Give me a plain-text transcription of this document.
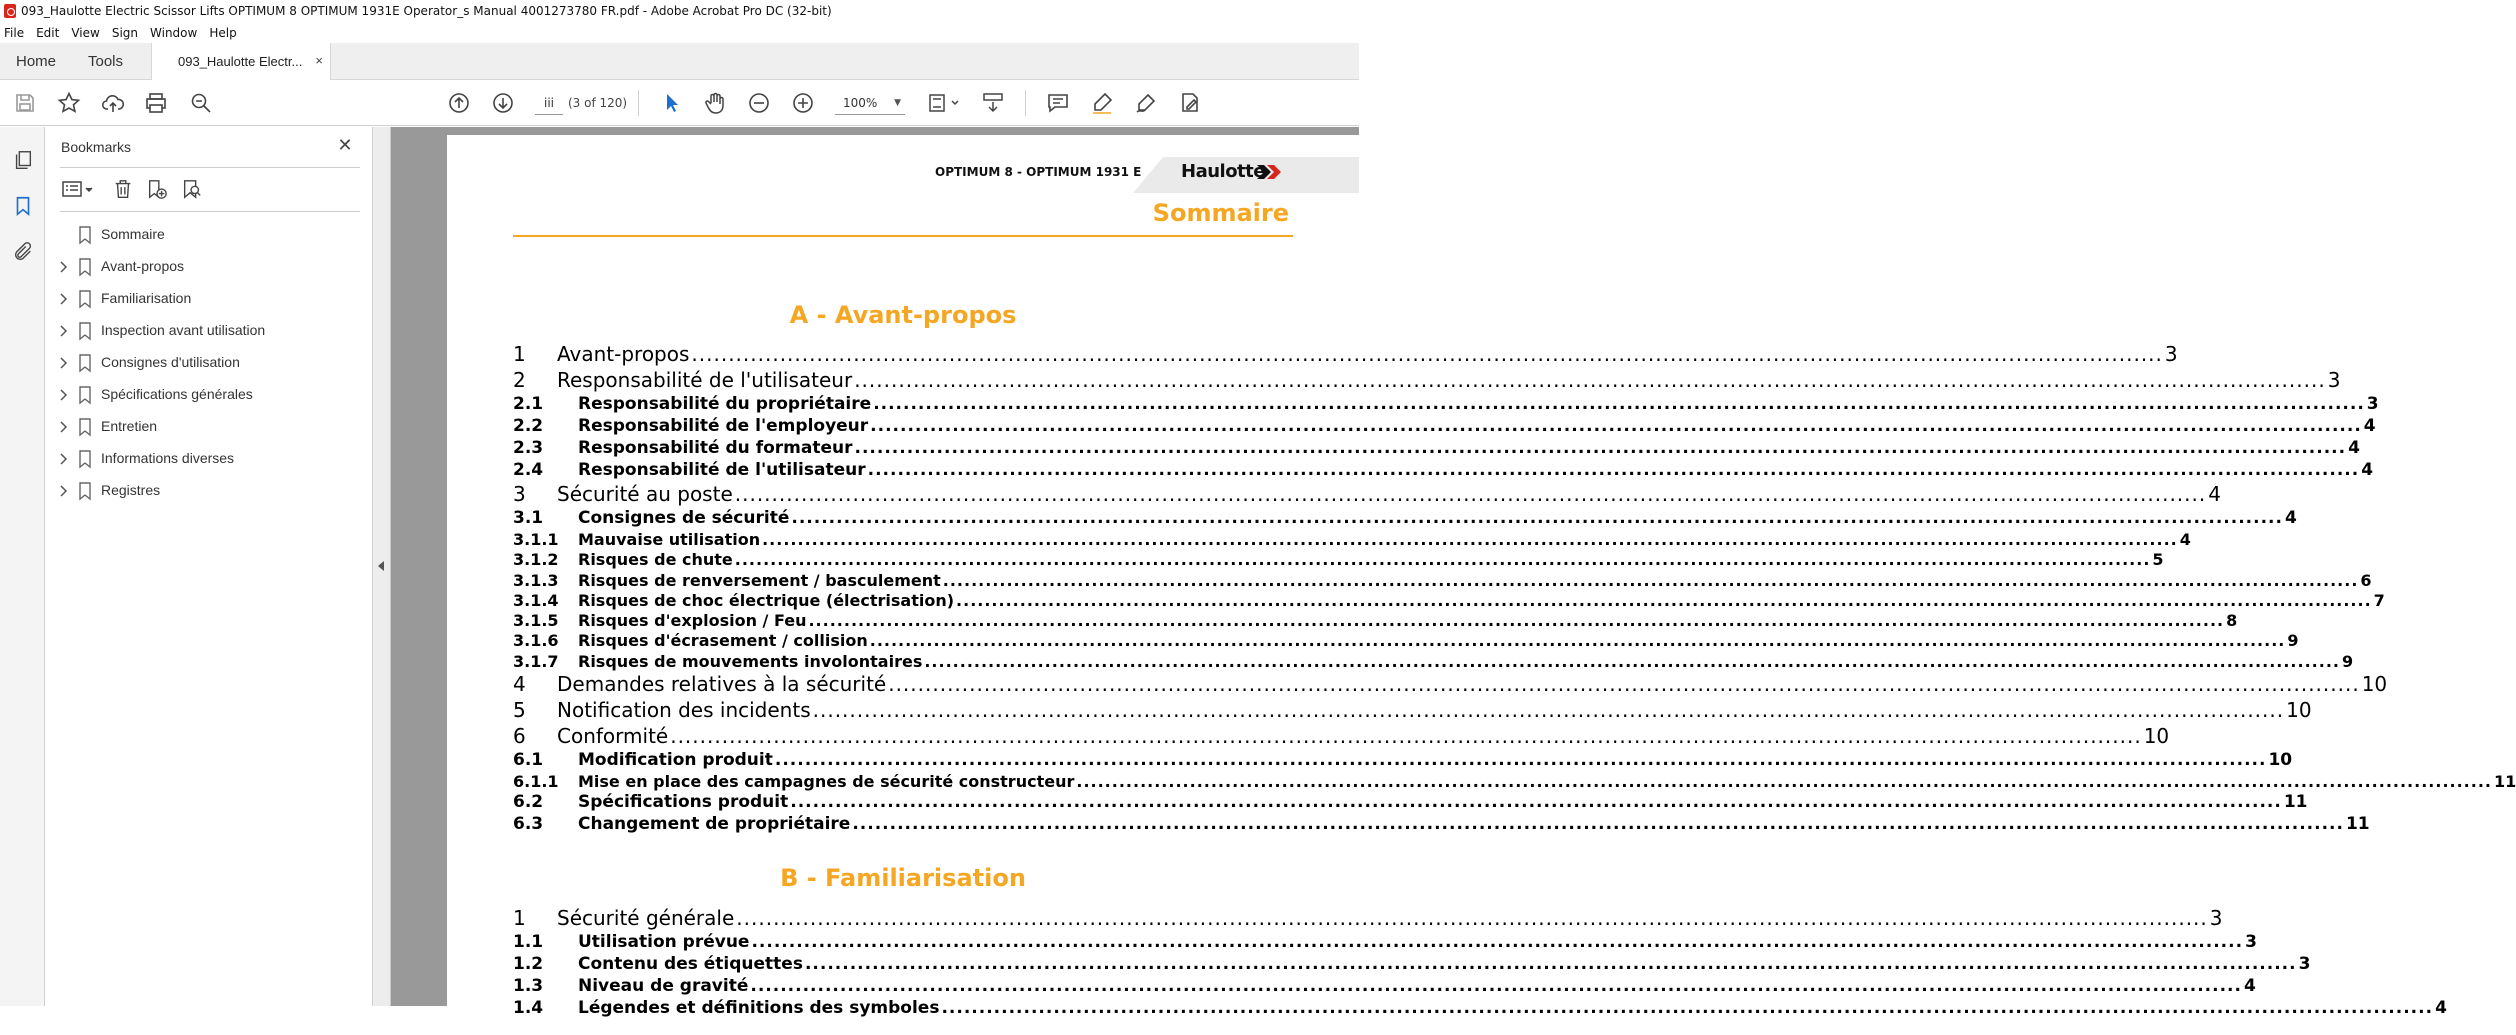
093_Haulotte Electric Scissor Lifts OPTIMUM 8 OPTIMUM 1931E Operator_s Manual 4001273780 FR.pdf - Adobe Acrobat Pro DC (32-bit)
File Edit View Sign Window Help
Home Tools	093_Haulotte Electr... ×
iii	(3 of 120)	100% ▼
Bookmarks	✕
Sommaire
Avant-propos
Familiarisation
Inspection avant utilisation
Consignes d'utilisation
Spécifications générales
Entretien
Informations diverses
Registres
OPTIMUM 8 - OPTIMUM 1931 E Haulotte
Sommaire
A - Avant-propos
1	Avant-propos ........................................................................................................................................................................................................ 3
2	Responsabilité de l'utilisateur ........................................................................................................................................................................................................ 3
2.1	Responsabilité du propriétaire ........................................................................................................................................................................................................ 3
2.2	Responsabilité de l'employeur ........................................................................................................................................................................................................ 4
2.3	Responsabilité du formateur ........................................................................................................................................................................................................ 4
2.4	Responsabilité de l'utilisateur ........................................................................................................................................................................................................ 4
3	Sécurité au poste ........................................................................................................................................................................................................ 4
3.1	Consignes de sécurité ........................................................................................................................................................................................................ 4
3.1.1	Mauvaise utilisation ........................................................................................................................................................................................................ 4
3.1.2	Risques de chute ........................................................................................................................................................................................................ 5
3.1.3	Risques de renversement / basculement ........................................................................................................................................................................................................ 6
3.1.4	Risques de choc électrique (électrisation) ........................................................................................................................................................................................................ 7
3.1.5	Risques d'explosion / Feu ........................................................................................................................................................................................................ 8
3.1.6	Risques d'écrasement / collision ........................................................................................................................................................................................................ 9
3.1.7	Risques de mouvements involontaires ........................................................................................................................................................................................................ 9
4	Demandes relatives à la sécurité ........................................................................................................................................................................................................ 10
5	Notification des incidents ........................................................................................................................................................................................................ 10
6	Conformité ........................................................................................................................................................................................................ 10
6.1	Modification produit ........................................................................................................................................................................................................ 10
6.1.1	Mise en place des campagnes de sécurité constructeur ........................................................................................................................................................................................................ 11
6.2	Spécifications produit ........................................................................................................................................................................................................ 11
6.3	Changement de propriétaire ........................................................................................................................................................................................................ 11
B - Familiarisation
1	Sécurité générale ........................................................................................................................................................................................................ 3
1.1	Utilisation prévue ........................................................................................................................................................................................................ 3
1.2	Contenu des étiquettes ........................................................................................................................................................................................................ 3
1.3	Niveau de gravité ........................................................................................................................................................................................................ 4
1.4	Légendes et définitions des symboles ........................................................................................................................................................................................................ 4
